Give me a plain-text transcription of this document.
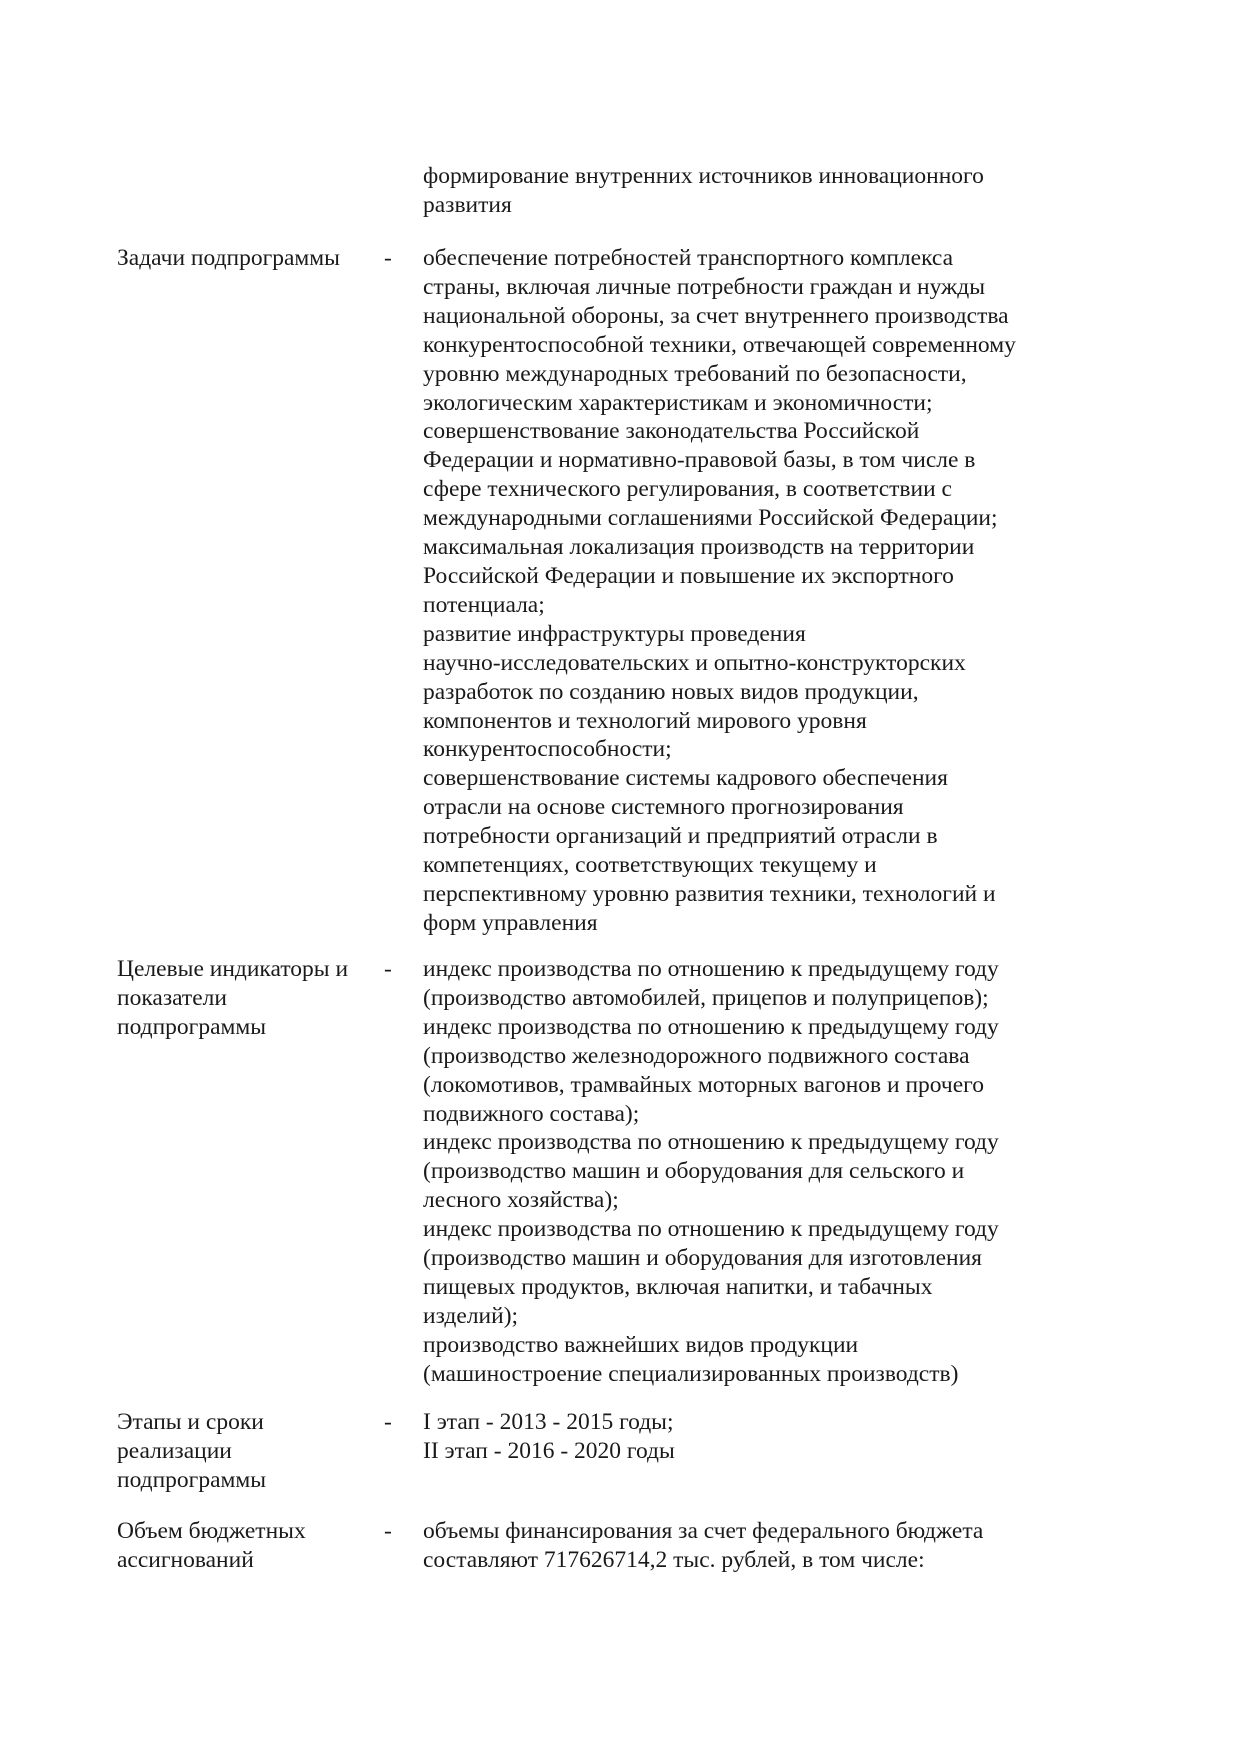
формирование внутренних источников инновационного
развития
Задачи подпрограммы	- обеспечение потребностей транспортного комплекса
страны, включая личные потребности граждан и нужды
национальной обороны, за счет внутреннего производства
конкурентоспособной техники, отвечающей современному
уровню международных требований по безопасности,
экологическим характеристикам и экономичности;
совершенствование законодательства Российской
Федерации и нормативно-правовой базы, в том числе в
сфере технического регулирования, в соответствии с
международными соглашениями Российской Федерации;
максимальная локализация производств на территории
Российской Федерации и повышение их экспортного
потенциала;
развитие инфраструктуры проведения
научно-исследовательских и опытно-конструкторских
разработок по созданию новых видов продукции,
компонентов и технологий мирового уровня
конкурентоспособности;
совершенствование системы кадрового обеспечения
отрасли на основе системного прогнозирования
потребности организаций и предприятий отрасли в
компетенциях, соответствующих текущему и
перспективному уровню развития техники, технологий и
форм управления
Целевые индикаторы и
показатели
подпрограммы
- индекс производства по отношению к предыдущему году
(производство автомобилей, прицепов и полуприцепов);
индекс производства по отношению к предыдущему году
(производство железнодорожного подвижного состава
(локомотивов, трамвайных моторных вагонов и прочего
подвижного состава);
индекс производства по отношению к предыдущему году
(производство машин и оборудования для сельского и
лесного хозяйства);
индекс производства по отношению к предыдущему году
(производство машин и оборудования для изготовления
пищевых продуктов, включая напитки, и табачных
изделий);
производство важнейших видов продукции
(машиностроение специализированных производств)
Этапы и сроки
реализации
подпрограммы
- I этап - 2013 - 2015 годы;
II этап - 2016 - 2020 годы
Объем бюджетных
ассигнований
- объемы финансирования за счет федерального бюджета
составляют 717626714,2 тыс. рублей, в том числе:
